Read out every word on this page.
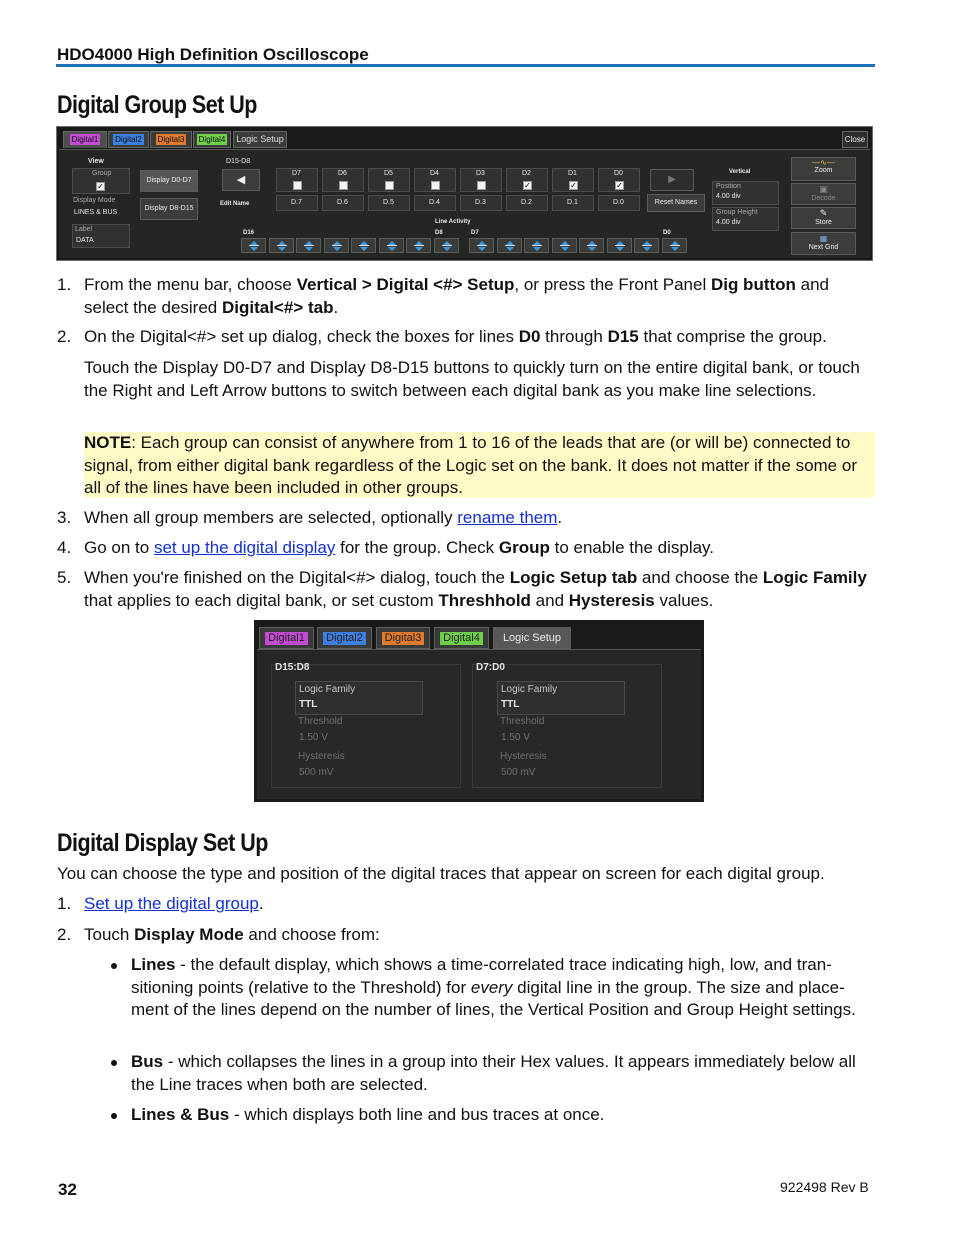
HDO4000 High Definition Oscilloscope
Digital Group Set Up
Digital1	Digital2	Digital3	Digital4	Logic Setup	Close
View
Group
✓
Display Mode
LINES & BUS
Label
DATA
Display D0-D7
Display D8-D15
D15-D8
◀
Edit Name
▶
Reset Names
D7
D.7
D6
D.6
D5
D.5
D4
D.4
D3
D.3
D2
✓
D.2
D1
✓
D.1
D0
✓
D.0
Line Activity
D16	D8	D7	D0
Vertical
Position
4.00 div
Group Height
4.00 div
—∿—
Zoom
▣
Decode
✎
Store
▦
Next Grid
1. From the menu bar, choose Vertical > Digital <#> Setup, or press the Front Panel Dig button and select the desired Digital<#> tab.
2. On the Digital<#> set up dialog, check the boxes for lines D0 through D15 that comprise the group.
Touch the Display D0-D7 and Display D8-D15 buttons to quickly turn on the entire digital bank, or touch the Right and Left Arrow buttons to switch between each digital bank as you make line selections.
NOTE: Each group can consist of anywhere from 1 to 16 of the leads that are (or will be) connected to signal, from either digital bank regardless of the Logic set on the bank. It does not matter if the some or all of the lines have been included in other groups.
3. When all group members are selected, optionally rename them.
4. Go on to set up the digital display for the group. Check Group to enable the display.
5. When you're finished on the Digital<#> dialog, touch the Logic Setup tab and choose the Logic Family that applies to each digital bank, or set custom Threshhold and Hysteresis values.
Digital1	Digital2	Digital3	Digital4	Logic Setup
D15:D8
Logic Family
TTL
Threshold
1.50 V
Hysteresis
500 mV
D7:D0
Logic Family
TTL
Threshold
1.50 V
Hysteresis
500 mV
Digital Display Set Up
You can choose the type and position of the digital traces that appear on screen for each digital group.
1. Set up the digital group.
2. Touch Display Mode and choose from:
Lines - the default display, which shows a time-correlated trace indicating high, low, and tran-sitioning points (relative to the Threshold) for every digital line in the group. The size and place-ment of the lines depend on the number of lines, the Vertical Position and Group Height settings.
Bus - which collapses the lines in a group into their Hex values. It appears immediately below all the Line traces when both are selected.
Lines & Bus - which displays both line and bus traces at once.
32	922498 Rev B
